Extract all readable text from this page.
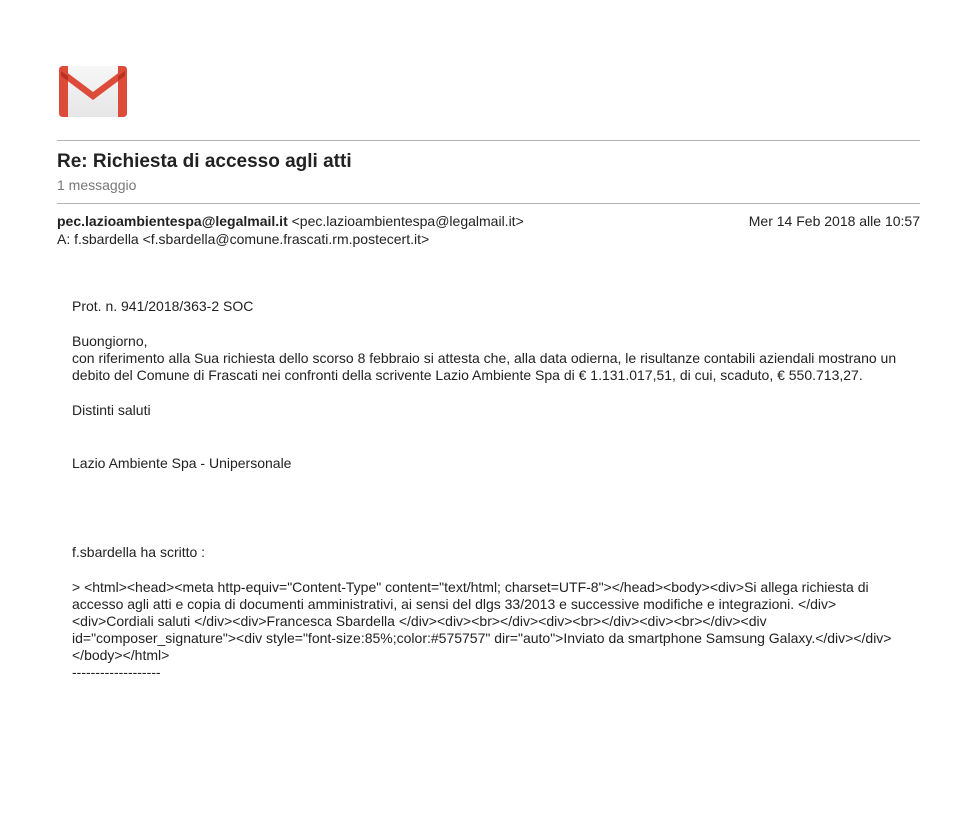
Re: Richiesta di accesso agli atti
1 messaggio
pec.lazioambientespa@legalmail.it <pec.lazioambientespa@legalmail.it>	Mer 14 Feb 2018 alle 10:57
A: f.sbardella <f.sbardella@comune.frascati.rm.postecert.it>

Prot. n. 941/2018/363-2 SOC

Buongiorno,

con riferimento alla Sua richiesta dello scorso 8 febbraio si attesta che, alla data odierna, le risultanze contabili aziendali mostrano un debito del Comune di Frascati nei confronti della scrivente Lazio Ambiente Spa di € 1.131.017,51, di cui, scaduto, € 550.713,27.

Distinti saluti

Lazio Ambiente Spa - Unipersonale

f.sbardella ha scritto :

> <html><head><meta http-equiv="Content-Type" content="text/html; charset=UTF-8"></head><body><div>Si allega richiesta di accesso agli atti e copia di documenti amministrativi, ai sensi del dlgs 33/2013 e successive modifiche e integrazioni. </div><div>Cordiali saluti </div><div>Francesca Sbardella </div><div><br></div><div><br></div><div><br></div><div id="composer_signature"><div style="font-size:85%;color:#575757" dir="auto">Inviato da smartphone Samsung Galaxy.</div></div></body></html>

-------------------
